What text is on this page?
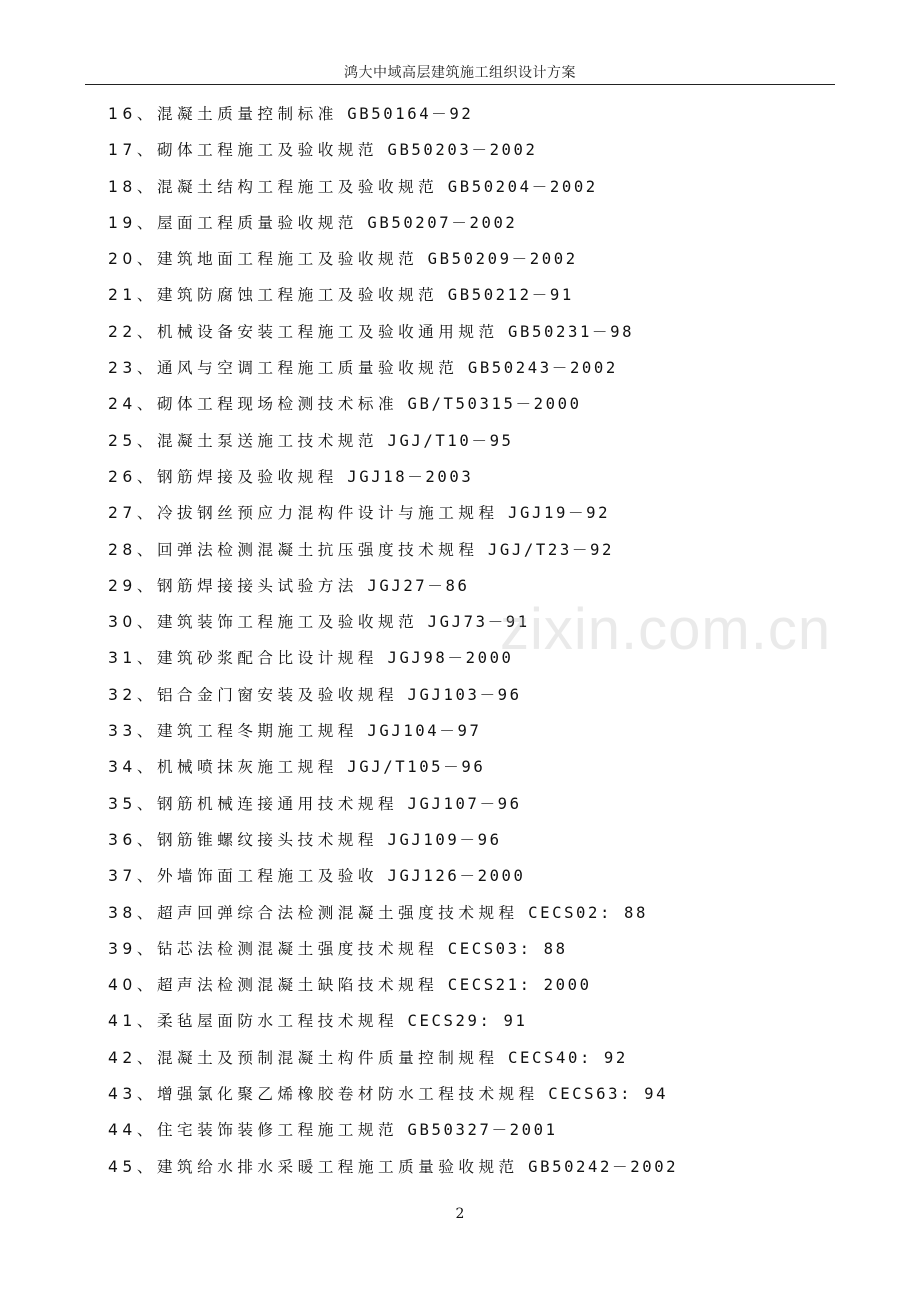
鸿大中域高层建筑施工组织设计方案
16、混凝土质量控制标准 GB50164－92
17、砌体工程施工及验收规范 GB50203－2002
18、混凝土结构工程施工及验收规范 GB50204－2002
19、屋面工程质量验收规范 GB50207－2002
20、建筑地面工程施工及验收规范 GB50209－2002
21、建筑防腐蚀工程施工及验收规范 GB50212－91
22、机械设备安装工程施工及验收通用规范 GB50231－98
23、通风与空调工程施工质量验收规范 GB50243－2002
24、砌体工程现场检测技术标准 GB/T50315－2000
25、混凝土泵送施工技术规范 JGJ/T10－95
26、钢筋焊接及验收规程 JGJ18－2003
27、冷拔钢丝预应力混构件设计与施工规程 JGJ19－92
28、回弹法检测混凝土抗压强度技术规程 JGJ/T23－92
29、钢筋焊接接头试验方法 JGJ27－86
30、建筑装饰工程施工及验收规范 JGJ73－91
31、建筑砂浆配合比设计规程 JGJ98－2000
32、铝合金门窗安装及验收规程 JGJ103－96
33、建筑工程冬期施工规程 JGJ104－97
34、机械喷抹灰施工规程 JGJ/T105－96
35、钢筋机械连接通用技术规程 JGJ107－96
36、钢筋锥螺纹接头技术规程 JGJ109－96
37、外墙饰面工程施工及验收 JGJ126－2000
38、超声回弹综合法检测混凝土强度技术规程 CECS02: 88
39、钻芯法检测混凝土强度技术规程 CECS03: 88
40、超声法检测混凝土缺陷技术规程 CECS21: 2000
41、柔毡屋面防水工程技术规程 CECS29: 91
42、混凝土及预制混凝土构件质量控制规程 CECS40: 92
43、增强氯化聚乙烯橡胶卷材防水工程技术规程 CECS63: 94
44、住宅装饰装修工程施工规范 GB50327－2001
45、建筑给水排水采暖工程施工质量验收规范 GB50242－2002
zixin.com.cn
2
